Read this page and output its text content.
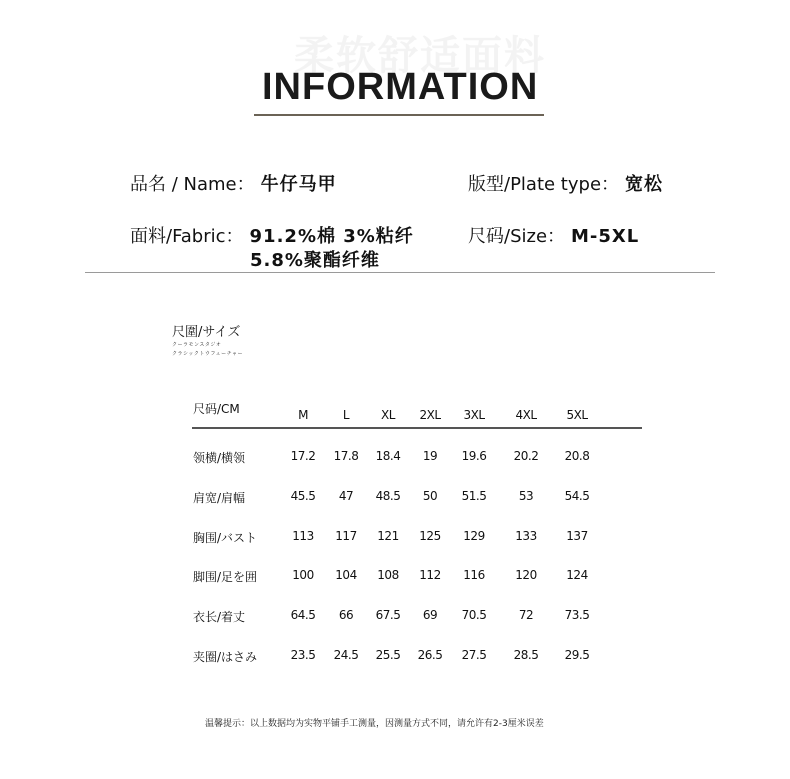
柔软舒适面料
INFORMATION
品名 / Name： 牛仔马甲	版型/Plate type： 宽松
面料/Fabric： 91.2%棉 3%粘纤
5.8%聚酯纤维
尺码/Size： M-5XL
尺圍/サイズ
クーラモンスタジオ
クラシックトウフューチャー
尺码/CM	M	L	XL	2XL	3XL	4XL	5XL
领横/横领	17.2	17.8	18.4	19	19.6	20.2	20.8
肩宽/肩幅	45.5	47	48.5	50	51.5	53	54.5
胸围/バスト	113	117	121	125	129	133	137
脚围/足を囲	100	104	108	112	116	120	124
衣长/着丈	64.5	66	67.5	69	70.5	72	73.5
夹圈/はさみ	23.5	24.5	25.5	26.5	27.5	28.5	29.5
温馨提示：以上数据均为实物平铺手工测量，因测量方式不同，请允许有2-3厘米误差
